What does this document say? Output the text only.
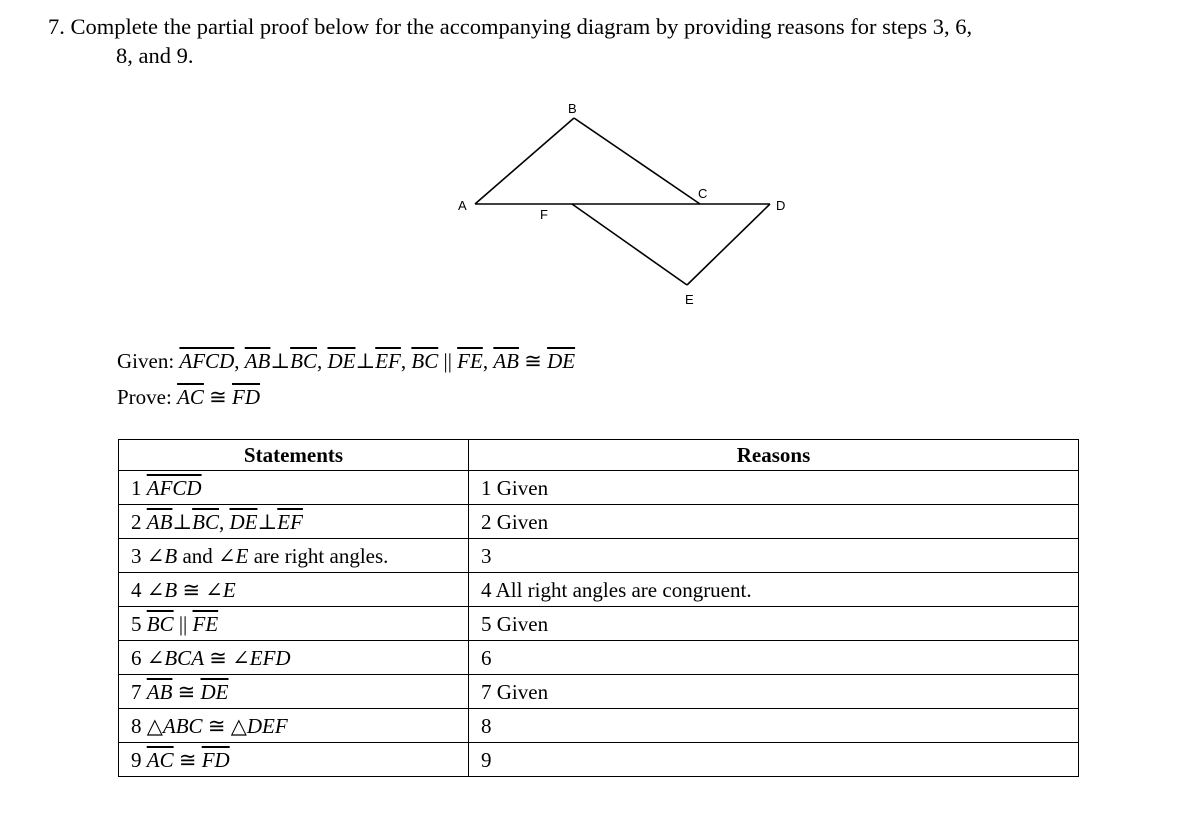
7. Complete the partial proof below for the accompanying diagram by providing reasons for steps 3, 6,
8, and 9.
B
A
F
C
D
E
Given: AFCD, $\overline{AB}\perp\overline{BC}$, $\overline{DE}\perp\overline{EF}$, $\overline{BC}$ || $\overline{FE}$, $\overline{AB}$ ≅ $\overline{DE}$
Prove: $\overline{AC}$ ≅ $\overline{FD}$
Statements	Reasons
1 AFCD	1 Given
2 $\overline{AB}\perp\overline{BC}$, $\overline{DE}\perp\overline{EF}$	2 Given
3 ∠B and ∠E are right angles.	3
4 ∠B ≅ ∠E	4 All right angles are congruent.
5 $\overline{BC}$ || $\overline{FE}$	5 Given
6 ∠BCA ≅ ∠EFD	6
7 $\overline{AB}$ ≅ $\overline{DE}$	7 Given
8 △ABC ≅ △DEF	8
9 $\overline{AC}$ ≅ $\overline{FD}$	9
